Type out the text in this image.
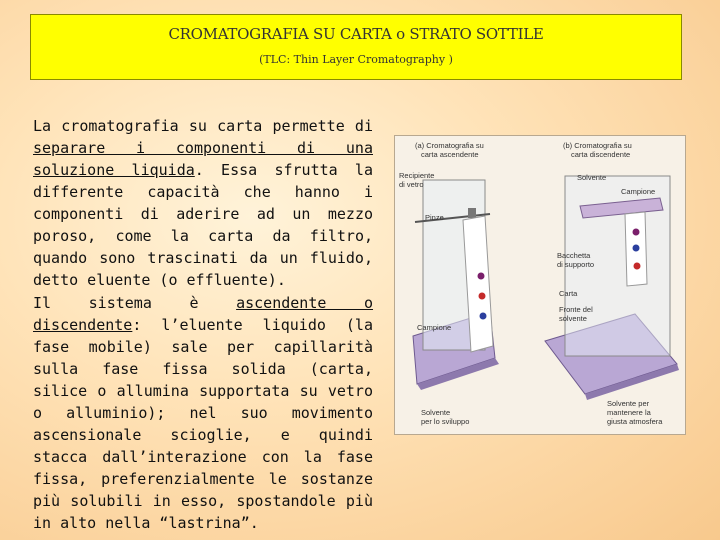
CROMATOGRAFIA SU CARTA o STRATO SOTTILE
(TLC: Thin Layer Cromatography )
La cromatografia su carta permette di separare i componenti di una soluzione liquida. Essa sfrutta la differente capacità che hanno i componenti di aderire ad un mezzo poroso, come la carta da filtro, quando sono trascinati da un fluido, detto eluente (o effluente).
Il sistema è ascendente o discendente: l’eluente liquido (la fase mobile) sale per capillarità sulla fase fissa solida (carta, silice o allumina supportata su vetro o alluminio); nel suo movimento ascensionale scioglie, e quindi stacca dall’interazione con la fase fissa, preferenzialmente le sostanze più solubili in esso, spostandole più in alto nella “lastrina”.
(a) Cromatografia su
carta ascendente
(b) Cromatografia su
carta discendente
Recipiente
di vetro
Pinze
Solvente
Campione
Bacchetta
di supporto
Carta
Fronte del
solvente
Campione
Solvente
per lo sviluppo
Solvente per
mantenere la
giusta atmosfera
